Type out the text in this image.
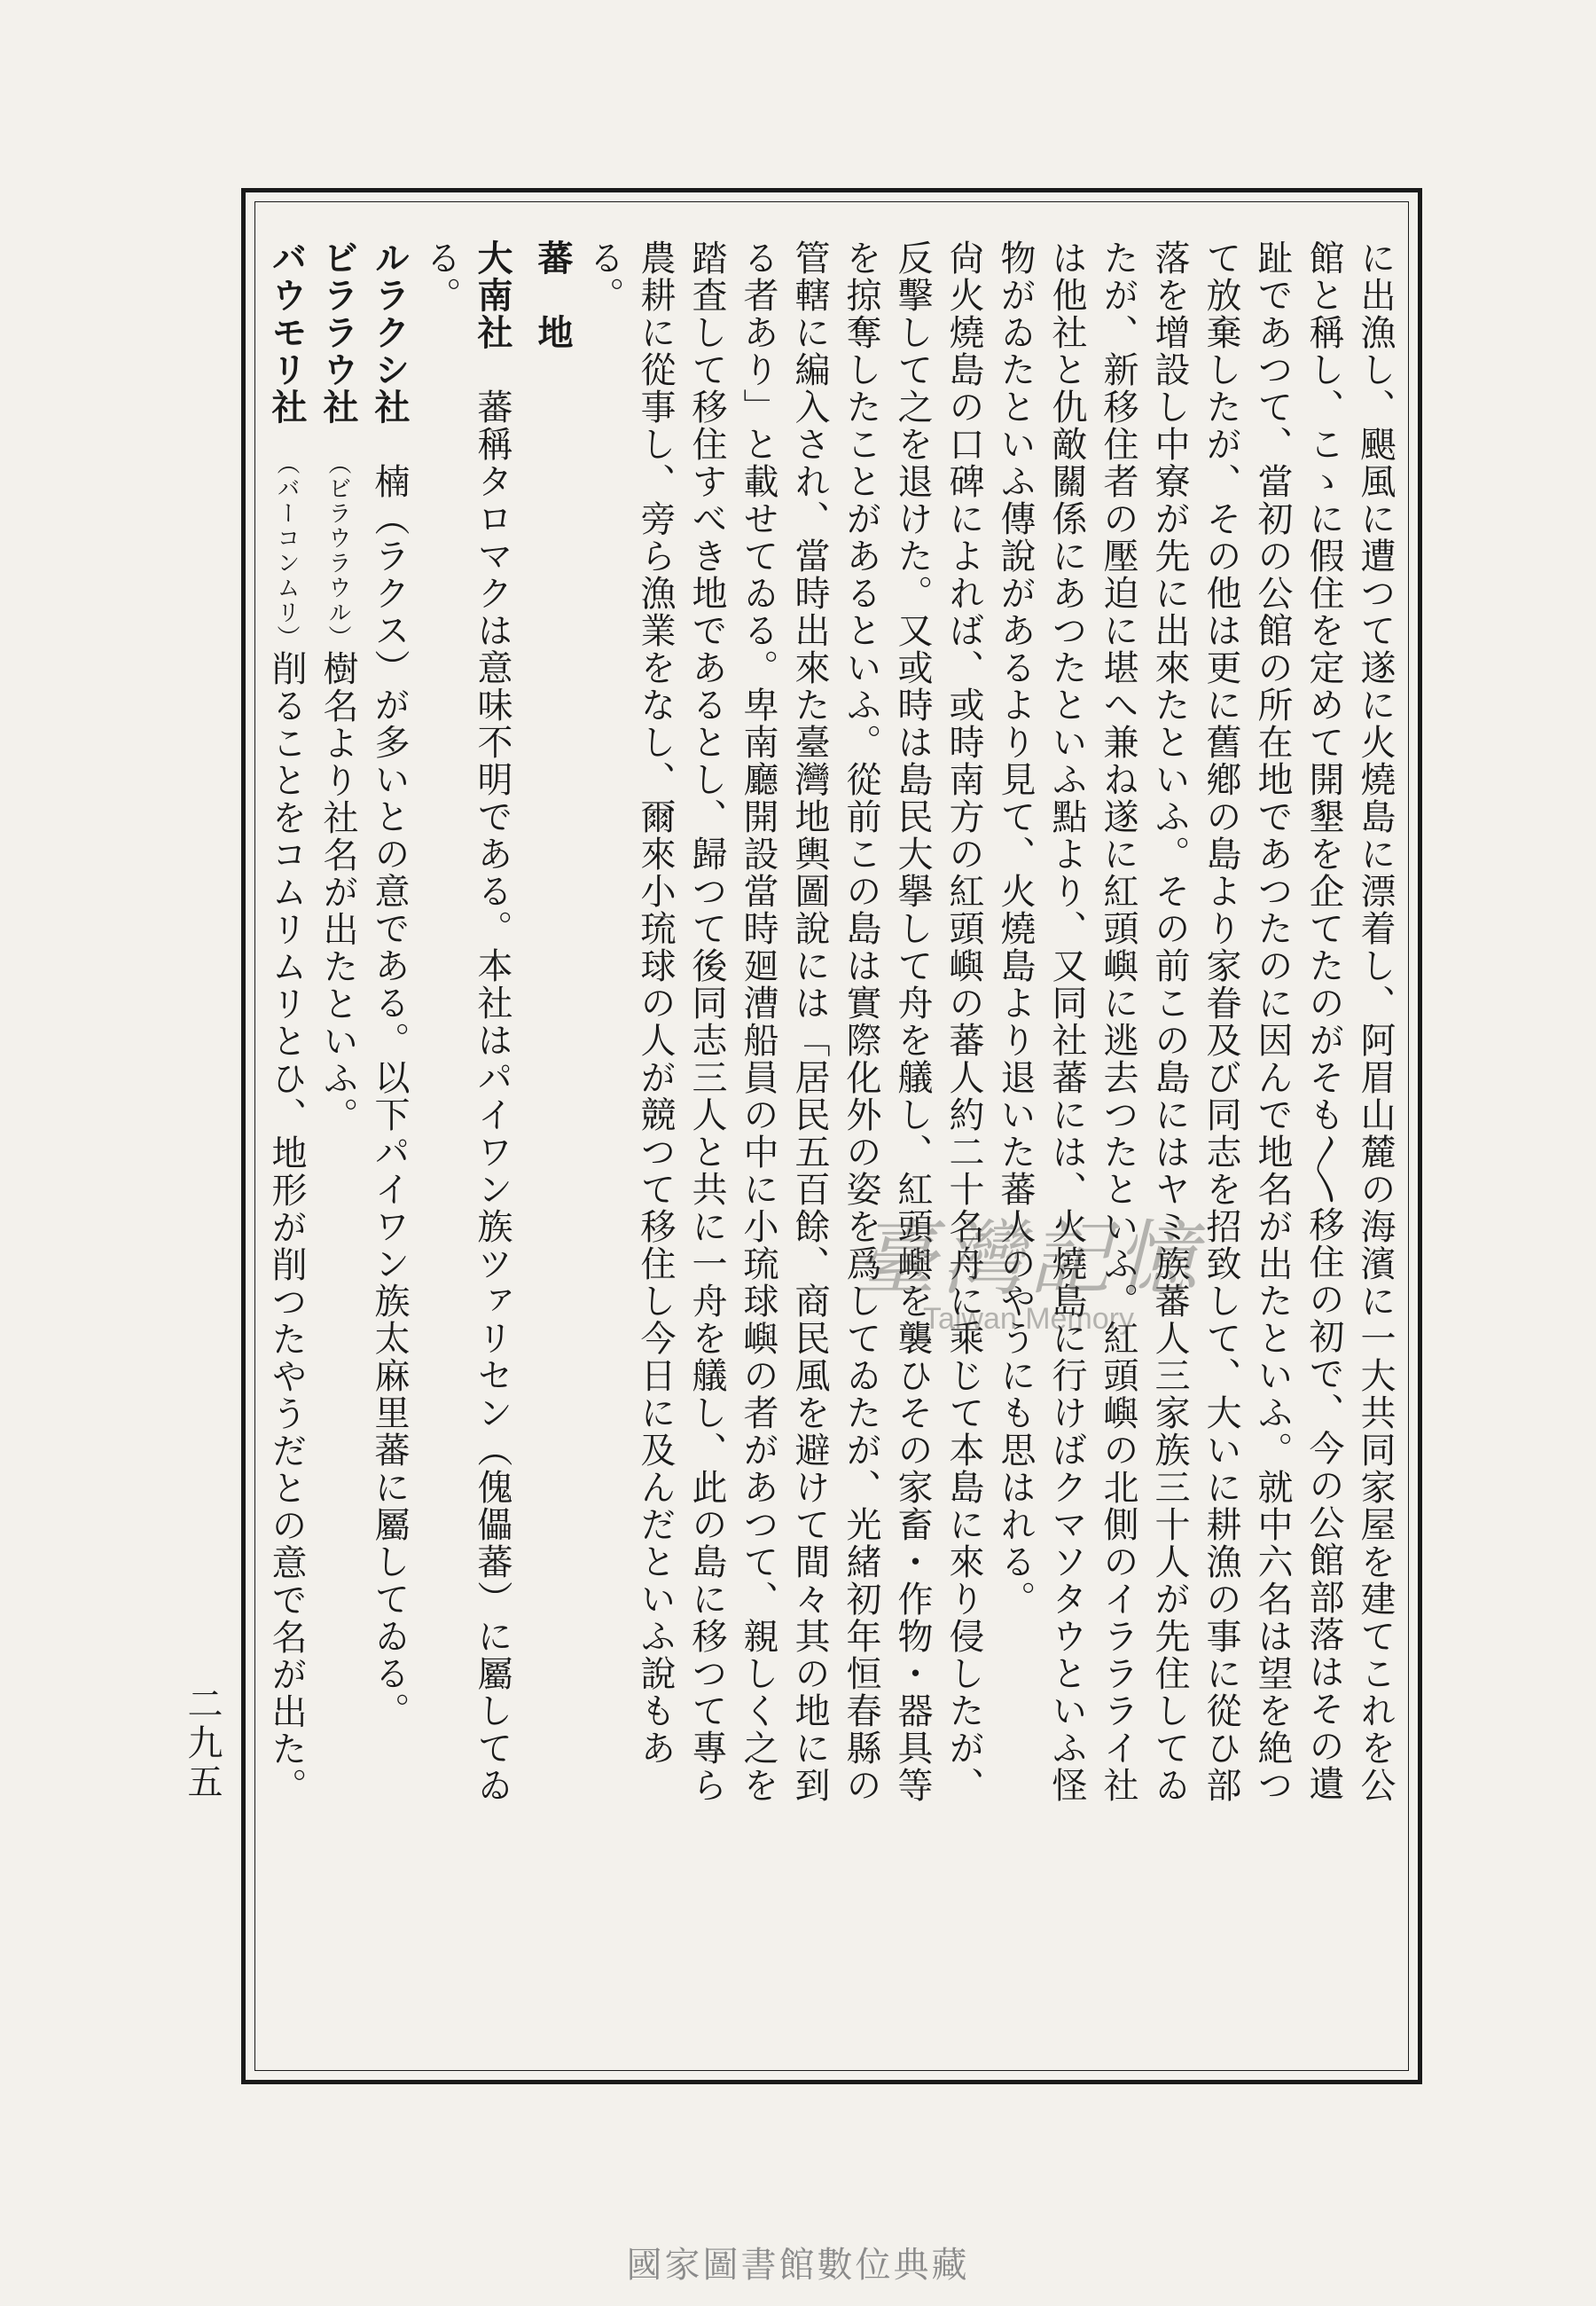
に出漁し、颶風に遭つて遂に火燒島に漂着し、阿眉山麓の海濱に一大共同家屋を建てこれを公館と稱し、こゝに假住を定めて開墾を企てたのがそも〳〵移住の初で、今の公館部落はその遺趾であつて、當初の公館の所在地であつたのに因んで地名が出たといふ。就中六名は望を絶つて放棄したが、その他は更に舊鄕の島より家眷及び同志を招致して、大いに耕漁の事に從ひ部落を增設し中寮が先に出來たといふ。その前この島にはヤミ族蕃人三家族三十人が先住してゐたが、新移住者の壓迫に堪へ兼ね遂に紅頭嶼に逃去つたといふ。紅頭嶼の北側のイララライ社は他社と仇敵關係にあつたといふ點より、又同社蕃には、火燒島に行けばクマソタウといふ怪物がゐたといふ傳說があるより見て、火燒島より退いた蕃人のやうにも思はれる。

尙火燒島の口碑によれば、或時南方の紅頭嶼の蕃人約二十名舟に乘じて本島に來り侵したが、反擊して之を退けた。又或時は島民大擧して舟を艤し、紅頭嶼を襲ひその家畜・作物・器具等を掠奪したことがあるといふ。從前この島は實際化外の姿を爲してゐたが、光緒初年恒春縣の管轄に編入され、當時出來た臺灣地輿圖說には「居民五百餘、商民風を避けて間々其の地に到る者あり」と載せてゐる。卑南廳開設當時廻漕船員の中に小琉球嶼の者があつて、親しく之を踏査して移住すべき地であるとし、歸つて後同志三人と共に一舟を艤し、此の島に移つて專ら農耕に從事し、旁ら漁業をなし、爾來小琉球の人が競つて移住し今日に及んだといふ說もある。

蕃　地

大南社　蕃稱タロマクは意味不明である。本社はパイワン族ツァリセン（傀儡蕃）に屬してゐる。

ルラクシ社　楠（ラクス）が多いとの意である。以下パイワン族太麻里蕃に屬してゐる。

ビララウ社　（ビラウラウル）樹名より社名が出たといふ。

バウモリ社　（バーコンムリ）削ることをコムリムリとひ、地形が削つたやうだとの意で名が出た。

二九五
臺灣記憶
Taiwan Memory
國家圖書館數位典藏
